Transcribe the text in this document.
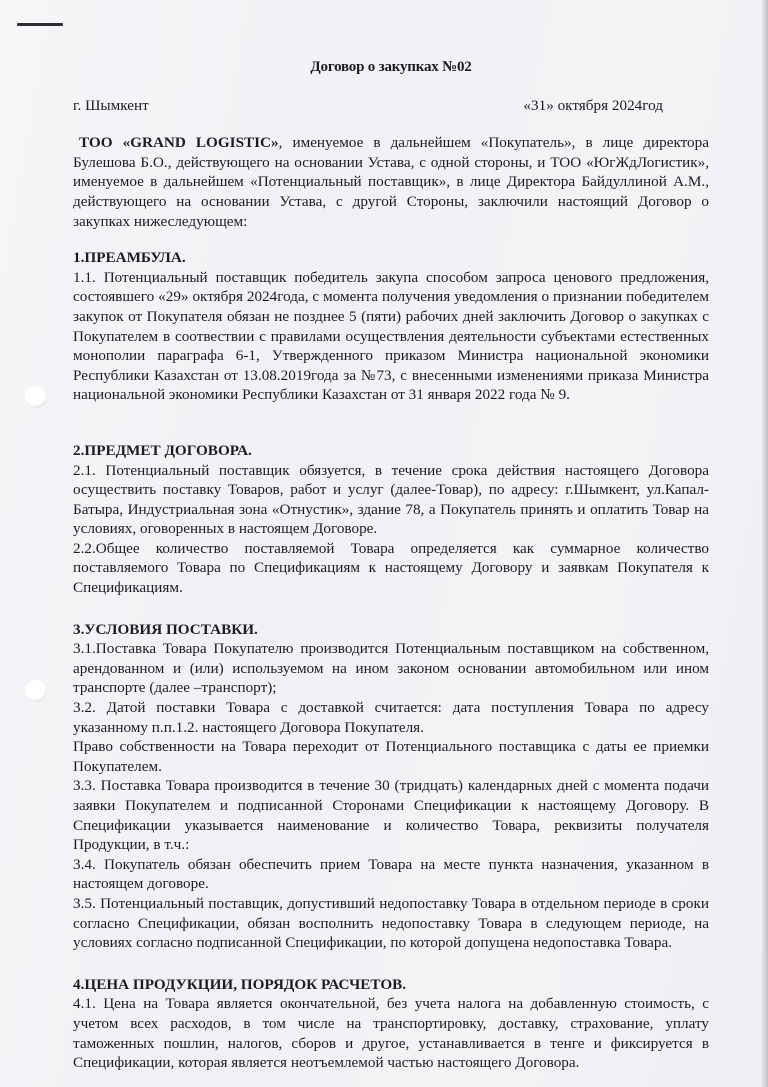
Договор о закупках №02
г. Шымкент	«31» октября 2024год

ТОО «GRAND LOGISTIC», именуемое в дальнейшем «Покупатель», в лице директора Булешова Б.О., действующего на основании Устава, с одной стороны, и ТОО «ЮгЖдЛогистик», именуемое в дальнейшем «Потенциальный поставщик», в лице Директора Байдуллиной А.М., действующего на основании Устава, с другой Стороны, заключили настоящий Договор о закупках нижеследующем:

1.ПРЕАМБУЛА.

1.1. Потенциальный поставщик победитель закупа способом запроса ценового предложения, состоявшего «29» октября 2024года, с момента получения уведомления о признании победителем закупок от Покупателя обязан не позднее 5 (пяти) рабочих дней заключить Договор о закупках с Покупателем в соотвествии с правилами осуществления деятельности субъектами естественных монополии параграфа 6-1, Утвержденного приказом Министра национальной экономики Республики Казахстан от 13.08.2019года за №73, с внесенными изменениями приказа Министра национальной экономики Республики Казахстан от 31 января 2022 года № 9.

2.ПРЕДМЕТ ДОГОВОРА.

2.1. Потенциальный поставщик обязуется, в течение срока действия настоящего Договора осуществить поставку Товаров, работ и услуг (далее-Товар), по адресу: г.Шымкент, ул.Капал-Батыра, Индустриальная зона «Отнустик», здание 78, а Покупатель принять и оплатить Товар на условиях, оговоренных в настоящем Договоре.

2.2.Общее количество поставляемой Товара определяется как суммарное количество поставляемого Товара по Спецификациям к настоящему Договору и заявкам Покупателя к Спецификациям.

3.УСЛОВИЯ ПОСТАВКИ.

3.1.Поставка Товара Покупателю производится Потенциальным поставщиком на собственном, арендованном и (или) используемом на ином законом основании автомобильном или ином транспорте (далее –транспорт);

3.2. Датой поставки Товара с доставкой считается: дата поступления Товара по адресу указанному п.п.1.2. настоящего Договора Покупателя.

Право собственности на Товара переходит от Потенциального поставщика с даты ее приемки Покупателем.

3.3. Поставка Товара производится в течение 30 (тридцать) календарных дней с момента подачи заявки Покупателем и подписанной Сторонами Спецификации к настоящему Договору. В Спецификации указывается наименование и количество Товара, реквизиты получателя Продукции, в т.ч.:

3.4. Покупатель обязан обеспечить прием Товара на месте пункта назначения, указанном в настоящем договоре.

3.5. Потенциальный поставщик, допустивший недопоставку Товара в отдельном периоде в сроки согласно Спецификации, обязан восполнить недопоставку Товара в следующем периоде, на условиях согласно подписанной Спецификации, по которой допущена недопоставка Товара.

4.ЦЕНА ПРОДУКЦИИ, ПОРЯДОК РАСЧЕТОВ.

4.1. Цена на Товара является окончательной, без учета налога на добавленную стоимость, с учетом всех расходов, в том числе на транспортировку, доставку, страхование, уплату таможенных пошлин, налогов, сборов и другое, устанавливается в тенге и фиксируется в Спецификации, которая является неотъемлемой частью настоящего Договора.
